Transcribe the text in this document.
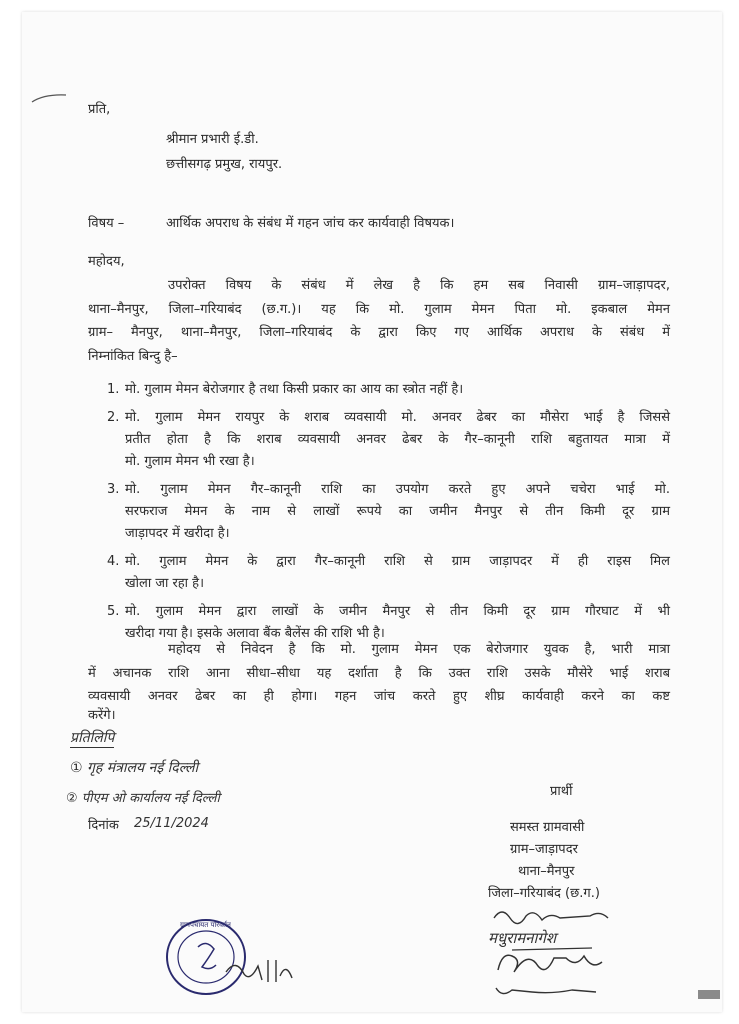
प्रति,
श्रीमान प्रभारी ई.डी.
छत्तीसगढ़ प्रमुख, रायपुर.
विषय –	आर्थिक अपराध के संबंध में गहन जांच कर कार्यवाही विषयक।
महोदय,
उपरोक्त विषय के संबंध में लेख है कि हम सब निवासी ग्राम–जाड़ापदर,
थाना–मैनपुर, जिला–गरियाबंद (छ.ग.)। यह कि मो. गुलाम मेमन पिता मो. इकबाल मेमन
ग्राम– मैनपुर, थाना–मैनपुर, जिला–गरियाबंद के द्वारा किए गए आर्थिक अपराध के संबंध में
निम्नांकित बिन्दु है–
1. मो. गुलाम मेमन बेरोजगार है तथा किसी प्रकार का आय का स्त्रोत नहीं है।
2. मो. गुलाम मेमन रायपुर के शराब व्यवसायी मो. अनवर ढेबर का मौसेरा भाई है जिससे
प्रतीत होता है कि शराब व्यवसायी अनवर ढेबर के गैर–कानूनी राशि बहुतायत मात्रा में
मो. गुलाम मेमन भी रखा है।
3. मो. गुलाम मेमन गैर–कानूनी राशि का उपयोग करते हुए अपने चचेरा भाई मो.
सरफराज मेमन के नाम से लाखों रूपये का जमीन मैनपुर से तीन किमी दूर ग्राम
जाड़ापदर में खरीदा है।
4. मो. गुलाम मेमन के द्वारा गैर–कानूनी राशि से ग्राम जाड़ापदर में ही राइस मिल
खोला जा रहा है।
5. मो. गुलाम मेमन द्वारा लाखों के जमीन मैनपुर से तीन किमी दूर ग्राम गौरघाट में भी
खरीदा गया है। इसके अलावा बैंक बैलेंस की राशि भी है।
महोदय से निवेदन है कि मो. गुलाम मेमन एक बेरोजगार युवक है, भारी मात्रा
में अचानक राशि आना सीधा–सीधा यह दर्शाता है कि उक्त राशि उसके मौसेरे भाई शराब
व्यवसायी अनवर ढेबर का ही होगा। गहन जांच करते हुए शीघ्र कार्यवाही करने का कष्ट
करेंगे।
प्रतिलिपि
① गृह मंत्रालय नई दिल्ली
② पीएम ओ कार्यालय नई दिल्ली
दिनांक 25/11/2024
प्रार्थी
समस्त ग्रामवासी
ग्राम–जाड़ापदर
थाना–मैनपुर
जिला–गरियाबंद (छ.ग.)
मधुरामनागेश
ग्रामपंचायत परिवर्तन
